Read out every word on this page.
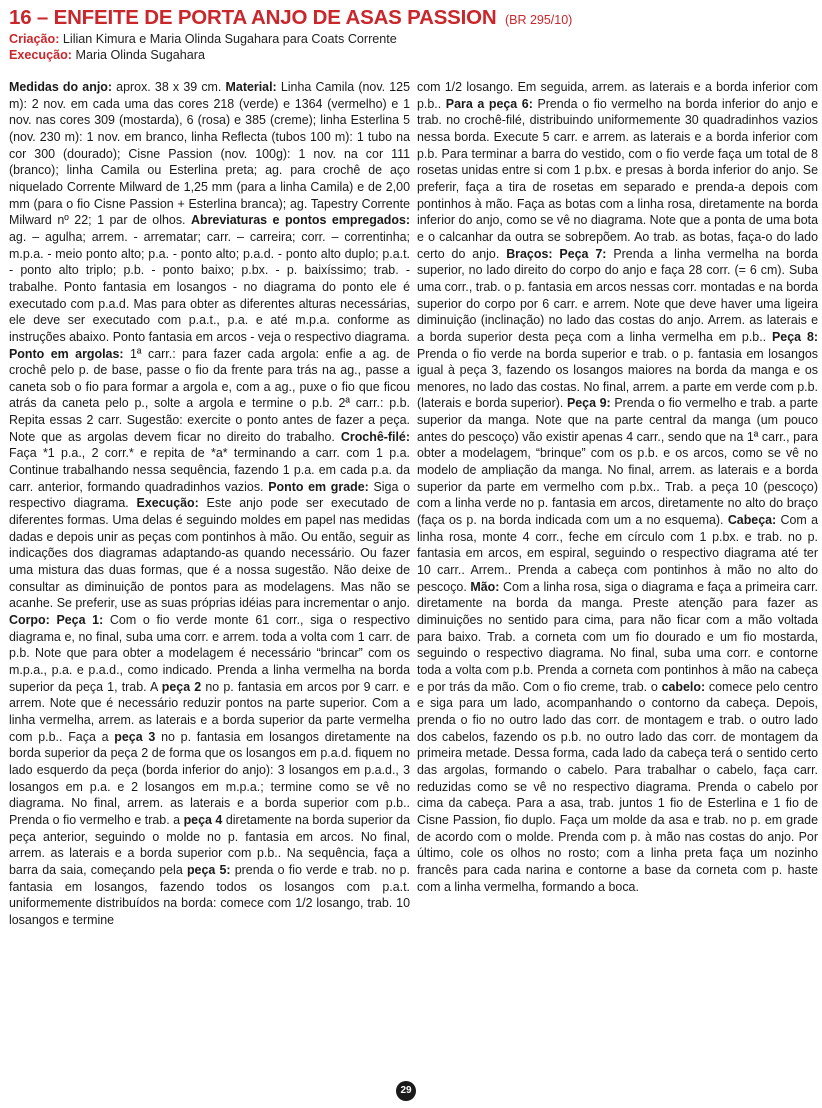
16 – ENFEITE DE PORTA ANJO DE ASAS PASSION (BR 295/10)
Criação: Lilian Kimura e Maria Olinda Sugahara para Coats Corrente
Execução: Maria Olinda Sugahara

Medidas do anjo: aprox. 38 x 39 cm. Material: Linha Camila (nov. 125 m): 2 nov. em cada uma das cores 218 (verde) e 1364 (vermelho) e 1 nov. nas cores 309 (mostarda), 6 (rosa) e 385 (creme); linha Esterlina 5 (nov. 230 m): 1 nov. em branco, linha Reflecta (tubos 100 m): 1 tubo na cor 300 (dourado); Cisne Passion (nov. 100g): 1 nov. na cor 111 (branco); linha Camila ou Esterlina preta; ag. para crochê de aço niquelado Corrente Milward de 1,25 mm (para a linha Camila) e de 2,00 mm (para o fio Cisne Passion + Esterlina branca); ag. Tapestry Corrente Milward nº 22; 1 par de olhos. Abreviaturas e pontos empregados: ag. – agulha; arrem. - arrematar; carr. – carreira; corr. – correntinha; m.p.a. - meio ponto alto; p.a. - ponto alto; p.a.d. - ponto alto duplo; p.a.t. - ponto alto triplo; p.b. - ponto baixo; p.bx. - p. baixíssimo; trab. - trabalhe. Ponto fantasia em losangos - no diagrama do ponto ele é executado com p.a.d. Mas para obter as diferentes alturas necessárias, ele deve ser executado com p.a.t., p.a. e até m.p.a. conforme as instruções abaixo. Ponto fantasia em arcos - veja o respectivo diagrama. Ponto em argolas: 1ª carr.: para fazer cada argola: enfie a ag. de crochê pelo p. de base, passe o fio da frente para trás na ag., passe a caneta sob o fio para formar a argola e, com a ag., puxe o fio que ficou atrás da caneta pelo p., solte a argola e termine o p.b. 2ª carr.: p.b. Repita essas 2 carr. Sugestão: exercite o ponto antes de fazer a peça. Note que as argolas devem ficar no direito do trabalho. Crochê-filé: Faça *1 p.a., 2 corr.* e repita de *a* terminando a carr. com 1 p.a. Continue trabalhando nessa sequência, fazendo 1 p.a. em cada p.a. da carr. anterior, formando quadradinhos vazios. Ponto em grade: Siga o respectivo diagrama. Execução: Este anjo pode ser executado de diferentes formas. Uma delas é seguindo moldes em papel nas medidas dadas e depois unir as peças com pontinhos à mão. Ou então, seguir as indicações dos diagramas adaptando-as quando necessário. Ou fazer uma mistura das duas formas, que é a nossa sugestão. Não deixe de consultar as diminuição de pontos para as modelagens. Mas não se acanhe. Se preferir, use as suas próprias idéias para incrementar o anjo. Corpo: Peça 1: Com o fio verde monte 61 corr., siga o respectivo diagrama e, no final, suba uma corr. e arrem. toda a volta com 1 carr. de p.b. Note que para obter a modelagem é necessário “brincar” com os m.p.a., p.a. e p.a.d., como indicado. Prenda a linha vermelha na borda superior da peça 1, trab. A peça 2 no p. fantasia em arcos por 9 carr. e arrem. Note que é necessário reduzir pontos na parte superior. Com a linha vermelha, arrem. as laterais e a borda superior da parte vermelha com p.b.. Faça a peça 3 no p. fantasia em losangos diretamente na borda superior da peça 2 de forma que os losangos em p.a.d. fiquem no lado esquerdo da peça (borda inferior do anjo): 3 losangos em p.a.d., 3 losangos em p.a. e 2 losangos em m.p.a.; termine como se vê no diagrama. No final, arrem. as laterais e a borda superior com p.b.. Prenda o fio vermelho e trab. a peça 4 diretamente na borda superior da peça anterior, seguindo o molde no p. fantasia em arcos. No final, arrem. as laterais e a borda superior com p.b.. Na sequência, faça a barra da saia, começando pela peça 5: prenda o fio verde e trab. no p. fantasia em losangos, fazendo todos os losangos com p.a.t. uniformemente distribuídos na borda: comece com 1/2 losango, trab. 10 losangos e termine

com 1/2 losango. Em seguida, arrem. as laterais e a borda inferior com p.b.. Para a peça 6: Prenda o fio vermelho na borda inferior do anjo e trab. no crochê-filé, distribuindo uniformemente 30 quadradinhos vazios nessa borda. Execute 5 carr. e arrem. as laterais e a borda inferior com p.b. Para terminar a barra do vestido, com o fio verde faça um total de 8 rosetas unidas entre si com 1 p.bx. e presas à borda inferior do anjo. Se preferir, faça a tira de rosetas em separado e prenda-a depois com pontinhos à mão. Faça as botas com a linha rosa, diretamente na borda inferior do anjo, como se vê no diagrama. Note que a ponta de uma bota e o calcanhar da outra se sobrepõem. Ao trab. as botas, faça-o do lado certo do anjo. Braços: Peça 7: Prenda a linha vermelha na borda superior, no lado direito do corpo do anjo e faça 28 corr. (= 6 cm). Suba uma corr., trab. o p. fantasia em arcos nessas corr. montadas e na borda superior do corpo por 6 carr. e arrem. Note que deve haver uma ligeira diminuição (inclinação) no lado das costas do anjo. Arrem. as laterais e a borda superior desta peça com a linha vermelha em p.b.. Peça 8: Prenda o fio verde na borda superior e trab. o p. fantasia em losangos igual à peça 3, fazendo os losangos maiores na borda da manga e os menores, no lado das costas. No final, arrem. a parte em verde com p.b. (laterais e borda superior). Peça 9: Prenda o fio vermelho e trab. a parte superior da manga. Note que na parte central da manga (um pouco antes do pescoço) vão existir apenas 4 carr., sendo que na 1ª carr., para obter a modelagem, “brinque” com os p.b. e os arcos, como se vê no modelo de ampliação da manga. No final, arrem. as laterais e a borda superior da parte em vermelho com p.bx.. Trab. a peça 10 (pescoço) com a linha verde no p. fantasia em arcos, diretamente no alto do braço (faça os p. na borda indicada com um a no esquema). Cabeça: Com a linha rosa, monte 4 corr., feche em círculo com 1 p.bx. e trab. no p. fantasia em arcos, em espiral, seguindo o respectivo diagrama até ter 10 carr.. Arrem.. Prenda a cabeça com pontinhos à mão no alto do pescoço. Mão: Com a linha rosa, siga o diagrama e faça a primeira carr. diretamente na borda da manga. Preste atenção para fazer as diminuições no sentido para cima, para não ficar com a mão voltada para baixo. Trab. a corneta com um fio dourado e um fio mostarda, seguindo o respectivo diagrama. No final, suba uma corr. e contorne toda a volta com p.b. Prenda a corneta com pontinhos à mão na cabeça e por trás da mão. Com o fio creme, trab. o cabelo: comece pelo centro e siga para um lado, acompanhando o contorno da cabeça. Depois, prenda o fio no outro lado das corr. de montagem e trab. o outro lado dos cabelos, fazendo os p.b. no outro lado das corr. de montagem da primeira metade. Dessa forma, cada lado da cabeça terá o sentido certo das argolas, formando o cabelo. Para trabalhar o cabelo, faça carr. reduzidas como se vê no respectivo diagrama. Prenda o cabelo por cima da cabeça. Para a asa, trab. juntos 1 fio de Esterlina e 1 fio de Cisne Passion, fio duplo. Faça um molde da asa e trab. no p. em grade de acordo com o molde. Prenda com p. à mão nas costas do anjo. Por último, cole os olhos no rosto; com a linha preta faça um nozinho francês para cada narina e contorne a base da corneta com p. haste com a linha vermelha, formando a boca.

29
